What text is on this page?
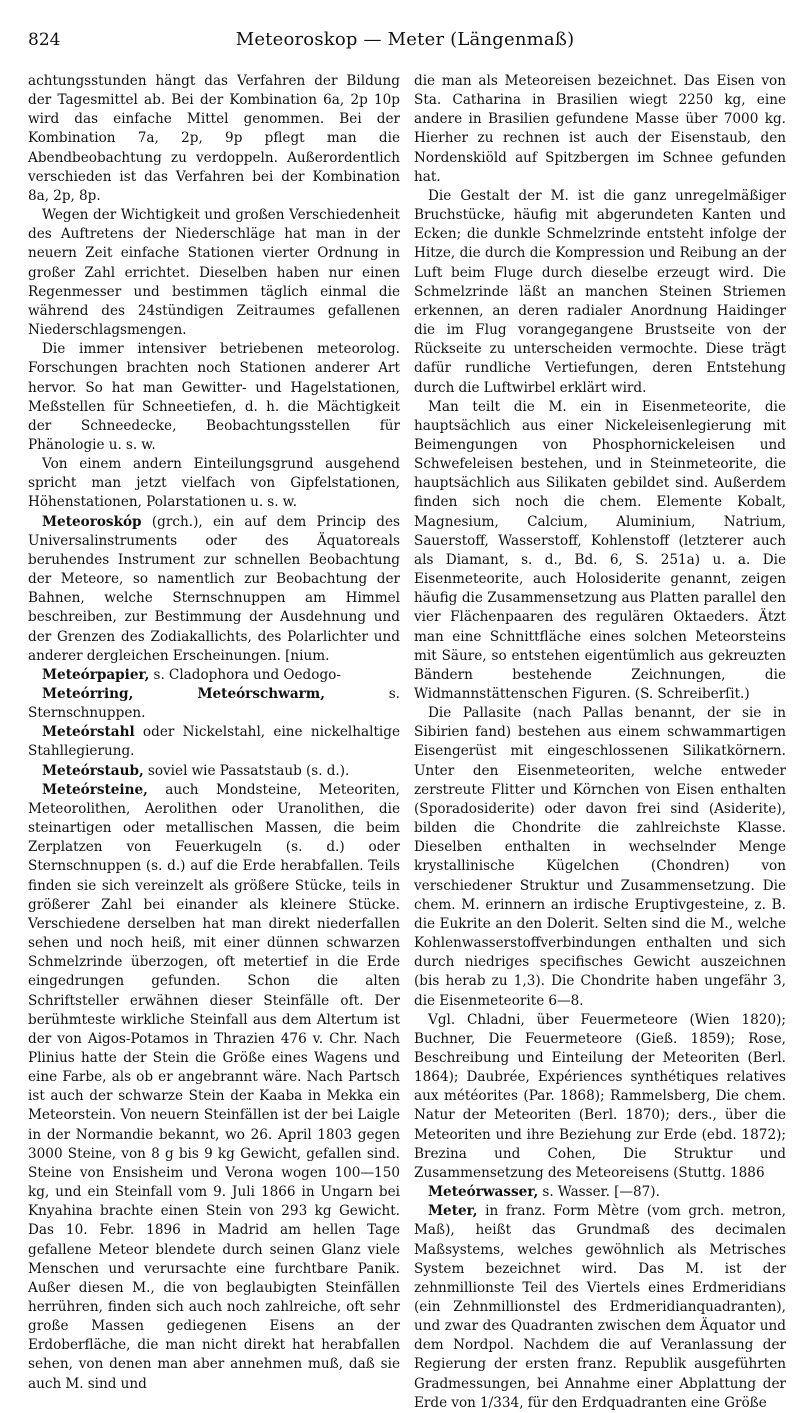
824	Meteoroskop — Meter (Längenmaß)

achtungsstunden hängt das Verfahren der Bildung der Tagesmittel ab. Bei der Kombination 6a, 2p 10p wird das einfache Mittel genommen. Bei der Kombination 7a, 2p, 9p pflegt man die Abendbeobachtung zu verdoppeln. Außerordentlich verschieden ist das Verfahren bei der Kombination 8a, 2p, 8p.

Wegen der Wichtigkeit und großen Verschiedenheit des Auftretens der Niederschläge hat man in der neuern Zeit einfache Stationen vierter Ordnung in großer Zahl errichtet. Dieselben haben nur einen Regenmesser und bestimmen täglich einmal die während des 24stündigen Zeitraumes gefallenen Niederschlagsmengen.

Die immer intensiver betriebenen meteorolog. Forschungen brachten noch Stationen anderer Art hervor. So hat man Gewitter- und Hagelstationen, Meßstellen für Schneetiefen, d. h. die Mächtigkeit der Schneedecke, Beobachtungsstellen für Phänologie u. s. w.

Von einem andern Einteilungsgrund ausgehend spricht man jetzt vielfach von Gipfelstationen, Höhenstationen, Polarstationen u. s. w.

Meteoroskóp (grch.), ein auf dem Princip des Universalinstruments oder des Äquatoreals beruhendes Instrument zur schnellen Beobachtung der Meteore, so namentlich zur Beobachtung der Bahnen, welche Sternschnuppen am Himmel beschreiben, zur Bestimmung der Ausdehnung und der Grenzen des Zodiakallichts, des Polarlichter und anderer dergleichen Erscheinungen. [nium.

Meteórpapier, s. Cladophora und Oedogo-

Meteórring, Meteórschwarm, s. Sternschnuppen.

Meteórstahl oder Nickelstahl, eine nickelhaltige Stahllegierung.

Meteórstaub, soviel wie Passatstaub (s. d.).

Meteórsteine, auch Mondsteine, Meteoriten, Meteorolithen, Aerolithen oder Uranolithen, die steinartigen oder metallischen Massen, die beim Zerplatzen von Feuerkugeln (s. d.) oder Sternschnuppen (s. d.) auf die Erde herabfallen. Teils finden sie sich vereinzelt als größere Stücke, teils in größerer Zahl bei einander als kleinere Stücke. Verschiedene derselben hat man direkt niederfallen sehen und noch heiß, mit einer dünnen schwarzen Schmelzrinde überzogen, oft metertief in die Erde eingedrungen gefunden. Schon die alten Schriftsteller erwähnen dieser Steinfälle oft. Der berühmteste wirkliche Steinfall aus dem Altertum ist der von Aigos-Potamos in Thrazien 476 v. Chr. Nach Plinius hatte der Stein die Größe eines Wagens und eine Farbe, als ob er angebrannt wäre. Nach Partsch ist auch der schwarze Stein der Kaaba in Mekka ein Meteorstein. Von neuern Steinfällen ist der bei Laigle in der Normandie bekannt, wo 26. April 1803 gegen 3000 Steine, von 8 g bis 9 kg Gewicht, gefallen sind. Steine von Ensisheim und Verona wogen 100—150 kg, und ein Steinfall vom 9. Juli 1866 in Ungarn bei Knyahina brachte einen Stein von 293 kg Gewicht. Das 10. Febr. 1896 in Madrid am hellen Tage gefallene Meteor blendete durch seinen Glanz viele Menschen und verursachte eine furchtbare Panik. Außer diesen M., die von beglaubigten Steinfällen herrühren, finden sich auch noch zahlreiche, oft sehr große Massen gediegenen Eisens an der Erdoberfläche, die man nicht direkt hat herabfallen sehen, von denen man aber annehmen muß, daß sie auch M. sind und

die man als Meteoreisen bezeichnet. Das Eisen von Sta. Catharina in Brasilien wiegt 2250 kg, eine andere in Brasilien gefundene Masse über 7000 kg. Hierher zu rechnen ist auch der Eisenstaub, den Nordenskiöld auf Spitzbergen im Schnee gefunden hat.

Die Gestalt der M. ist die ganz unregelmäßiger Bruchstücke, häufig mit abgerundeten Kanten und Ecken; die dunkle Schmelzrinde entsteht infolge der Hitze, die durch die Kompression und Reibung an der Luft beim Fluge durch dieselbe erzeugt wird. Die Schmelzrinde läßt an manchen Steinen Striemen erkennen, an deren radialer Anordnung Haidinger die im Flug vorangegangene Brustseite von der Rückseite zu unterscheiden vermochte. Diese trägt dafür rundliche Vertiefungen, deren Entstehung durch die Luftwirbel erklärt wird.

Man teilt die M. ein in Eisenmeteorite, die hauptsächlich aus einer Nickeleisenlegierung mit Beimengungen von Phosphornickeleisen und Schwefeleisen bestehen, und in Steinmeteorite, die hauptsächlich aus Silikaten gebildet sind. Außerdem finden sich noch die chem. Elemente Kobalt, Magnesium, Calcium, Aluminium, Natrium, Sauerstoff, Wasserstoff, Kohlenstoff (letzterer auch als Diamant, s. d., Bd. 6, S. 251a) u. a. Die Eisenmeteorite, auch Holosiderite genannt, zeigen häufig die Zusammensetzung aus Platten parallel den vier Flächenpaaren des regulären Oktaeders. Ätzt man eine Schnittfläche eines solchen Meteorsteins mit Säure, so entstehen eigentümlich aus gekreuzten Bändern bestehende Zeichnungen, die Widmannstättenschen Figuren. (S. Schreiberſit.)

Die Pallasite (nach Pallas benannt, der sie in Sibirien fand) bestehen aus einem schwammartigen Eisengerüst mit eingeschlossenen Silikatkörnern. Unter den Eisenmeteoriten, welche entweder zerstreute Flitter und Körnchen von Eisen enthalten (Sporadosiderite) oder davon frei sind (Asiderite), bilden die Chondrite die zahlreichste Klasse. Dieselben enthalten in wechselnder Menge krystallinische Kügelchen (Chondren) von verschiedener Struktur und Zusammensetzung. Die chem. M. erinnern an irdische Eruptivgesteine, z. B. die Eukrite an den Dolerit. Selten sind die M., welche Kohlenwasserstoffverbindungen enthalten und sich durch niedriges specifisches Gewicht auszeichnen (bis herab zu 1,3). Die Chondrite haben ungefähr 3, die Eisenmeteorite 6—8.

Vgl. Chladni, über Feuermeteore (Wien 1820); Buchner, Die Feuermeteore (Gieß. 1859); Rose, Beschreibung und Einteilung der Meteoriten (Berl. 1864); Daubrée, Expériences synthétiques relatives aux météorites (Par. 1868); Rammelsberg, Die chem. Natur der Meteoriten (Berl. 1870); ders., über die Meteoriten und ihre Beziehung zur Erde (ebd. 1872); Brezina und Cohen, Die Struktur und Zusammensetzung des Meteoreisens (Stuttg. 1886

Meteórwasser, s. Wasser. [—87).

Meter, in franz. Form Mètre (vom grch. metron, Maß), heißt das Grundmaß des decimalen Maßsystems, welches gewöhnlich als Metrisches System bezeichnet wird. Das M. ist der zehnmillionste Teil des Viertels eines Erdmeridians (ein Zehnmillionstel des Erdmeridianquadranten), und zwar des Quadranten zwischen dem Äquator und dem Nordpol. Nachdem die auf Veranlassung der Regierung der ersten franz. Republik ausgeführten Gradmessungen, bei Annahme einer Abplattung der Erde von 1/334, für den Erdquadranten eine Größe
